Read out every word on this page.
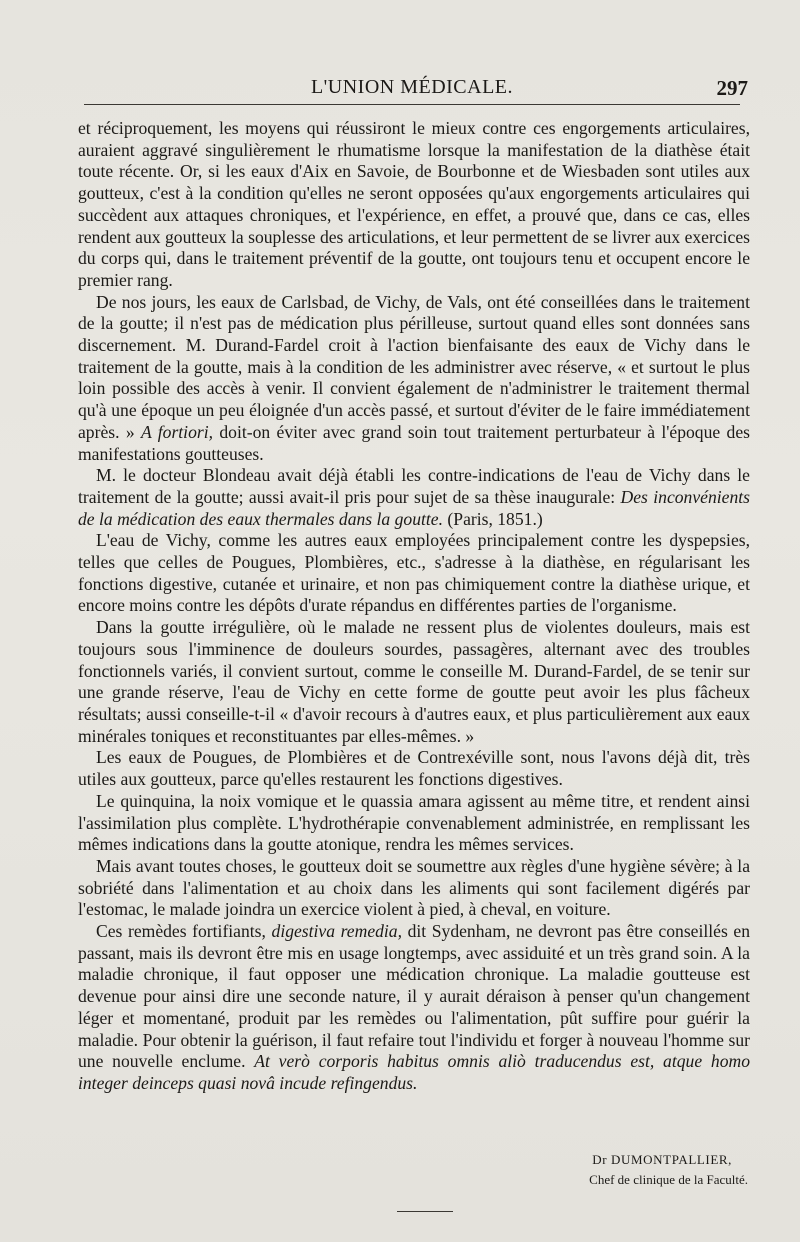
L'UNION MÉDICALE.	297

et réciproquement, les moyens qui réussiront le mieux contre ces engorgements articulaires, auraient aggravé singulièrement le rhumatisme lorsque la manifestation de la diathèse était toute récente. Or, si les eaux d'Aix en Savoie, de Bourbonne et de Wiesbaden sont utiles aux goutteux, c'est à la condition qu'elles ne seront opposées qu'aux engorgements articulaires qui succèdent aux attaques chroniques, et l'expérience, en effet, a prouvé que, dans ce cas, elles rendent aux goutteux la souplesse des articulations, et leur permettent de se livrer aux exercices du corps qui, dans le traitement préventif de la goutte, ont toujours tenu et occupent encore le premier rang.

De nos jours, les eaux de Carlsbad, de Vichy, de Vals, ont été conseillées dans le traitement de la goutte; il n'est pas de médication plus périlleuse, surtout quand elles sont données sans discernement. M. Durand-Fardel croit à l'action bienfaisante des eaux de Vichy dans le traitement de la goutte, mais à la condition de les administrer avec réserve, « et surtout le plus loin possible des accès à venir. Il convient également de n'administrer le traitement thermal qu'à une époque un peu éloignée d'un accès passé, et surtout d'éviter de le faire immédiatement après. » A fortiori, doit-on éviter avec grand soin tout traitement perturbateur à l'époque des manifestations goutteuses.

M. le docteur Blondeau avait déjà établi les contre-indications de l'eau de Vichy dans le traitement de la goutte; aussi avait-il pris pour sujet de sa thèse inaugurale: Des inconvénients de la médication des eaux thermales dans la goutte. (Paris, 1851.)

L'eau de Vichy, comme les autres eaux employées principalement contre les dyspepsies, telles que celles de Pougues, Plombières, etc., s'adresse à la diathèse, en régularisant les fonctions digestive, cutanée et urinaire, et non pas chimiquement contre la diathèse urique, et encore moins contre les dépôts d'urate répandus en différentes parties de l'organisme.

Dans la goutte irrégulière, où le malade ne ressent plus de violentes douleurs, mais est toujours sous l'imminence de douleurs sourdes, passagères, alternant avec des troubles fonctionnels variés, il convient surtout, comme le conseille M. Durand-Fardel, de se tenir sur une grande réserve, l'eau de Vichy en cette forme de goutte peut avoir les plus fâcheux résultats; aussi conseille-t-il « d'avoir recours à d'autres eaux, et plus particulièrement aux eaux minérales toniques et reconstituantes par elles-mêmes. »

Les eaux de Pougues, de Plombières et de Contrexéville sont, nous l'avons déjà dit, très utiles aux goutteux, parce qu'elles restaurent les fonctions digestives.

Le quinquina, la noix vomique et le quassia amara agissent au même titre, et rendent ainsi l'assimilation plus complète. L'hydrothérapie convenablement administrée, en remplissant les mêmes indications dans la goutte atonique, rendra les mêmes services.

Mais avant toutes choses, le goutteux doit se soumettre aux règles d'une hygiène sévère; à la sobriété dans l'alimentation et au choix dans les aliments qui sont facilement digérés par l'estomac, le malade joindra un exercice violent à pied, à cheval, en voiture.

Ces remèdes fortifiants, digestiva remedia, dit Sydenham, ne devront pas être conseillés en passant, mais ils devront être mis en usage longtemps, avec assiduité et un très grand soin. A la maladie chronique, il faut opposer une médication chronique. La maladie goutteuse est devenue pour ainsi dire une seconde nature, il y aurait déraison à penser qu'un changement léger et momentané, produit par les remèdes ou l'alimentation, pût suffire pour guérir la maladie. Pour obtenir la guérison, il faut refaire tout l'individu et forger à nouveau l'homme sur une nouvelle enclume. At verò corporis habitus omnis aliò traducendus est, atque homo integer deinceps quasi novâ incude refingendus.

Dr DUMONTPALLIER,
Chef de clinique de la Faculté.
